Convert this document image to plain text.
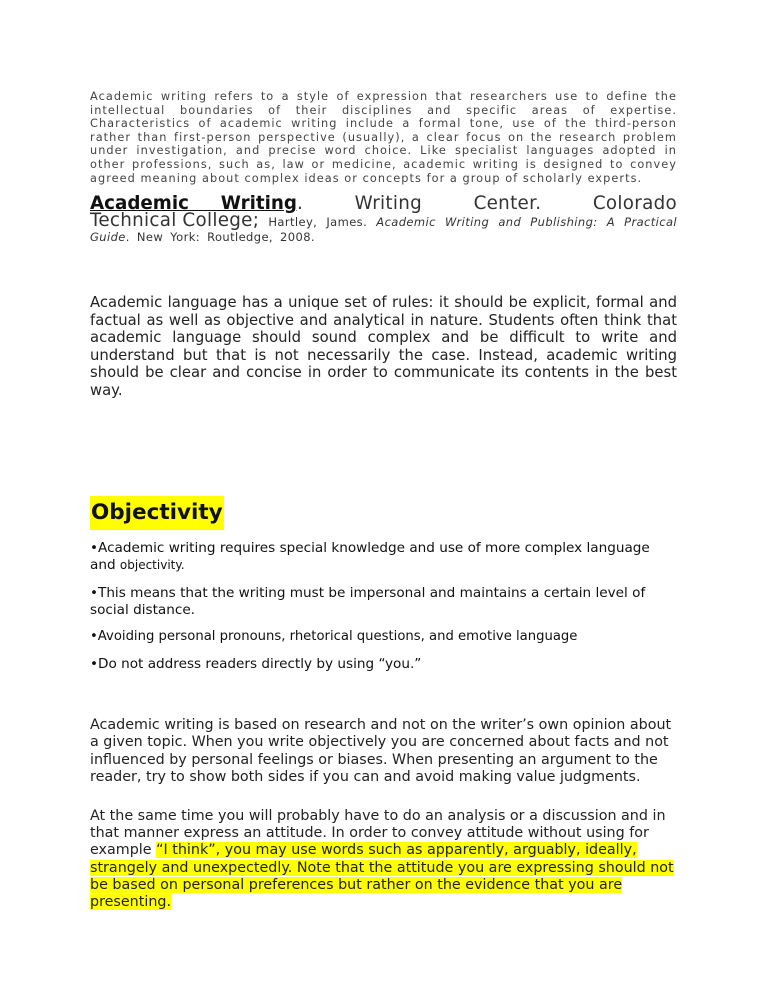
Academic writing refers to a style of expression that researchers use to define the intellectual boundaries of their disciplines and specific areas of expertise. Characteristics of academic writing include a formal tone, use of the third-person rather than first-person perspective (usually), a clear focus on the research problem under investigation, and precise word choice. Like specialist languages adopted in other professions, such as, law or medicine, academic writing is designed to convey agreed meaning about complex ideas or concepts for a group of scholarly experts.

Academic Writing. Writing Center. Colorado Technical College; Hartley, James. Academic Writing and Publishing: A Practical Guide. New York: Routledge, 2008.

Academic language has a unique set of rules: it should be explicit, formal and factual as well as objective and analytical in nature. Students often think that academic language should sound complex and be difficult to write and understand but that is not necessarily the case. Instead, academic writing should be clear and concise in order to communicate its contents in the best way.

Objectivity

•Academic writing requires special knowledge and use of more complex language and objectivity.

•This means that the writing must be impersonal and maintains a certain level of social distance.

•Avoiding personal pronouns, rhetorical questions, and emotive language

•Do not address readers directly by using “you.”

Academic writing is based on research and not on the writer’s own opinion about a given topic. When you write objectively you are concerned about facts and not influenced by personal feelings or biases. When presenting an argument to the reader, try to show both sides if you can and avoid making value judgments.

At the same time you will probably have to do an analysis or a discussion and in that manner express an attitude. In order to convey attitude without using for example “I think”, you may use words such as apparently, arguably, ideally, strangely and unexpectedly. Note that the attitude you are expressing should not be based on personal preferences but rather on the evidence that you are presenting.
